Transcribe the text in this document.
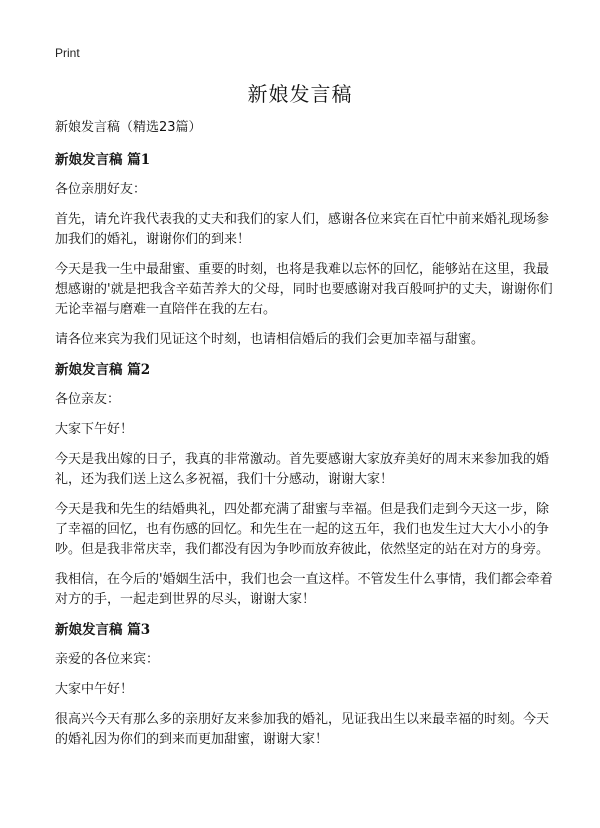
Print
新娘发言稿

新娘发言稿（精选23篇）

新娘发言稿 篇1

各位亲朋好友：

首先，请允许我代表我的丈夫和我们的家人们，感谢各位来宾在百忙中前来婚礼现场参加我们的婚礼，谢谢你们的到来！

今天是我一生中最甜蜜、重要的时刻，也将是我难以忘怀的回忆，能够站在这里，我最想感谢的'就是把我含辛茹苦养大的父母，同时也要感谢对我百般呵护的丈夫，谢谢你们无论幸福与磨难一直陪伴在我的左右。

请各位来宾为我们见证这个时刻，也请相信婚后的我们会更加幸福与甜蜜。

新娘发言稿 篇2

各位亲友：

大家下午好！

今天是我出嫁的日子，我真的非常激动。首先要感谢大家放弃美好的周末来参加我的婚礼，还为我们送上这么多祝福，我们十分感动，谢谢大家！

今天是我和先生的结婚典礼，四处都充满了甜蜜与幸福。但是我们走到今天这一步，除了幸福的回忆，也有伤感的回忆。和先生在一起的这五年，我们也发生过大大小小的争吵。但是我非常庆幸，我们都没有因为争吵而放弃彼此，依然坚定的站在对方的身旁。

我相信，在今后的'婚姻生活中，我们也会一直这样。不管发生什么事情，我们都会牵着对方的手，一起走到世界的尽头，谢谢大家！

新娘发言稿 篇3

亲爱的各位来宾：

大家中午好！

很高兴今天有那么多的亲朋好友来参加我的婚礼，见证我出生以来最幸福的时刻。今天的婚礼因为你们的到来而更加甜蜜，谢谢大家！
